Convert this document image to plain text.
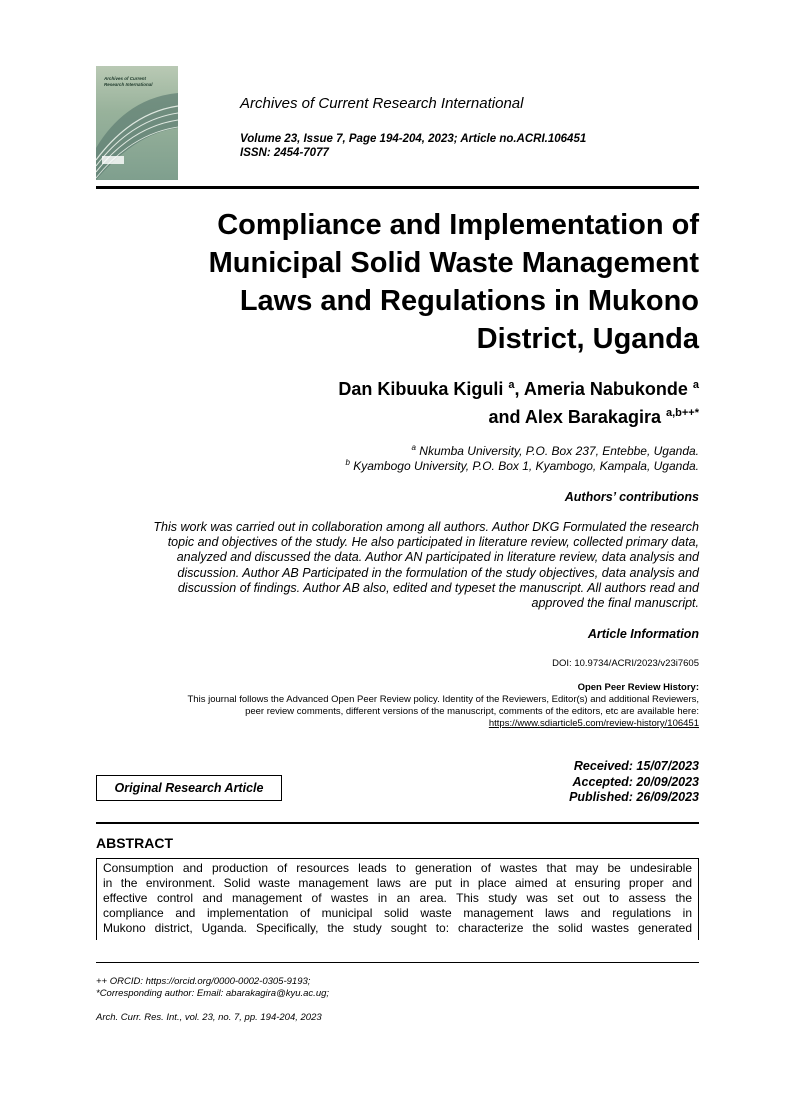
Archives of Current
Research International
Archives of Current Research International
Volume 23, Issue 7, Page 194-204, 2023; Article no.ACRI.106451
ISSN: 2454-7077
Compliance and Implementation of
Municipal Solid Waste Management
Laws and Regulations in Mukono
District, Uganda
Dan Kibuuka Kiguli $^a$, Ameria Nabukonde $^a$
and Alex Barakagira $^{a,b++*}$
$^a$ Nkumba University, P.O. Box 237, Entebbe, Uganda.
$^b$ Kyambogo University, P.O. Box 1, Kyambogo, Kampala, Uganda.
Authors’ contributions
This work was carried out in collaboration among all authors. Author DKG Formulated the research
topic and objectives of the study. He also participated in literature review, collected primary data,
analyzed and discussed the data. Author AN participated in literature review, data analysis and
discussion. Author AB Participated in the formulation of the study objectives, data analysis and
discussion of findings. Author AB also, edited and typeset the manuscript. All authors read and
approved the final manuscript.
Article Information
DOI: 10.9734/ACRI/2023/v23i7605
Open Peer Review History:
This journal follows the Advanced Open Peer Review policy. Identity of the Reviewers, Editor(s) and additional Reviewers,
peer review comments, different versions of the manuscript, comments of the editors, etc are available here:
https://www.sdiarticle5.com/review-history/106451
Original Research Article
Received: 15/07/2023
Accepted: 20/09/2023
Published: 26/09/2023
ABSTRACT
Consumption and production of resources leads to generation of wastes that may be undesirable
in the environment. Solid waste management laws are put in place aimed at ensuring proper and
effective control and management of wastes in an area. This study was set out to assess the
compliance and implementation of municipal solid waste management laws and regulations in
Mukono district, Uganda. Specifically, the study sought to: characterize the solid wastes generated
++ ORCID: https://orcid.org/0000-0002-0305-9193;
*Corresponding author: Email: abarakagira@kyu.ac.ug;
Arch. Curr. Res. Int., vol. 23, no. 7, pp. 194-204, 2023
